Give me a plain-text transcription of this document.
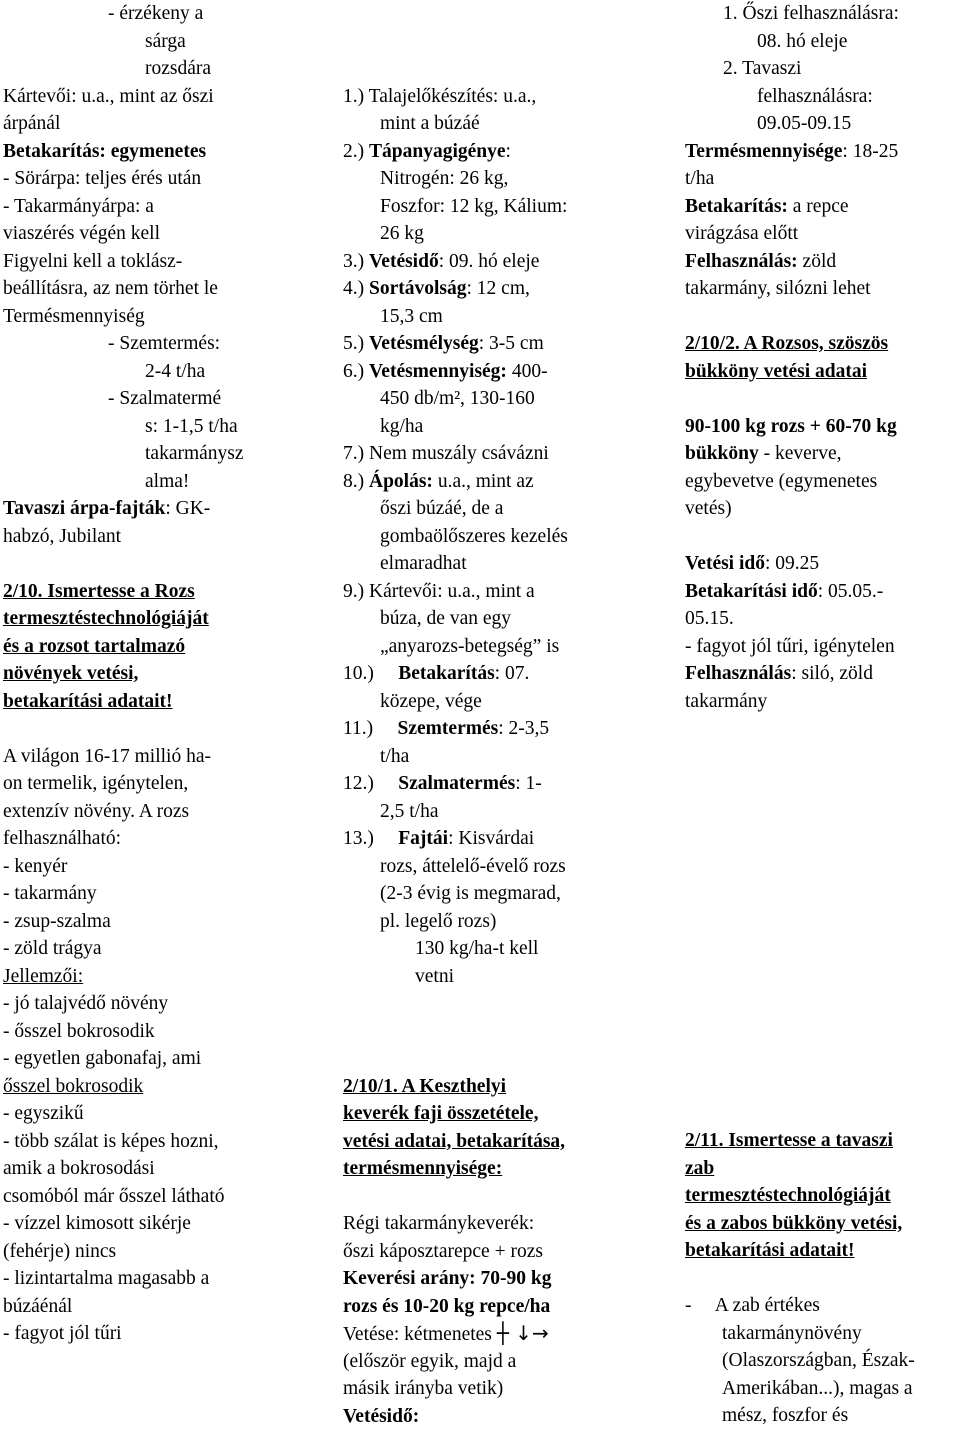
- érzékeny a
sárga
rozsdára
Kártevői: u.a., mint az őszi
árpánál
Betakarítás: egymenetes
- Sörárpa: teljes érés után
- Takarmányárpa: a
viaszérés végén kell
Figyelni kell a toklász-
beállításra, az nem törhet le
Termésmennyiség
- Szemtermés:
2-4 t/ha
- Szalmatermé
s: 1-1,5 t/ha
takarmánysz
alma!
Tavaszi árpa-fajták: GK-
habzó, Jubilant
2/10. Ismertesse a Rozs
termesztéstechnológiáját
és a rozsot tartalmazó
növények vetési,
betakarítási adatait!
A világon 16-17 millió ha-
on termelik, igénytelen,
extenzív növény. A rozs
felhasználható:
- kenyér
- takarmány
- zsup-szalma
- zöld trágya
Jellemzői:
- jó talajvédő növény
- ősszel bokrosodik
- egyetlen gabonafaj, ami
ősszel bokrosodik
- egyszikű
- több szálat is képes hozni,
amik a bokrosodási
csomóból már ősszel látható
- vízzel kimosott sikérje
(fehérje) nincs
- lizintartalma magasabb a
búzáénál
- fagyot jól tűri
1.) Talajelőkészítés: u.a.,
mint a búzáé
2.) Tápanyagigénye:
Nitrogén: 26 kg,
Foszfor: 12 kg, Kálium:
26 kg
3.) Vetésidő: 09. hó eleje
4.) Sortávolság: 12 cm,
15,3 cm
5.) Vetésmélység: 3-5 cm
6.) Vetésmennyiség: 400-
450 db/m², 130-160
kg/ha
7.) Nem muszály csávázni
8.) Ápolás: u.a., mint az
őszi búzáé, de a
gombaölőszeres kezelés
elmaradhat
9.) Kártevői: u.a., mint a
búza, de van egy
„anyarozs-betegség” is
10.) Betakarítás: 07.
közepe, vége
11.) Szemtermés: 2-3,5
t/ha
12.) Szalmatermés: 1-
2,5 t/ha
13.) Fajtái: Kisvárdai
rozs, áttelelő-évelő rozs
(2-3 évig is megmarad,
pl. legelő rozs)
130 kg/ha-t kell
vetni
2/10/1. A Keszthelyi
keverék faji összetétele,
vetési adatai, betakarítása,
termésmennyisége:
Régi takarmánykeverék:
őszi káposztarepce + rozs
Keverési arány: 70-90 kg
rozs és 10-20 kg repce/ha
Vetése: kétmenetes ┼ ↓→
(először egyik, majd a
másik irányba vetik)
Vetésidő:
1. Őszi felhasználásra:
08. hó eleje
2. Tavaszi
felhasználásra:
09.05-09.15
Termésmennyisége: 18-25
t/ha
Betakarítás: a repce
virágzása előtt
Felhasználás: zöld
takarmány, silózni lehet
2/10/2. A Rozsos, szöszös
bükköny vetési adatai
90-100 kg rozs + 60-70 kg
bükköny - keverve,
egybevetve (egymenetes
vetés)
Vetési idő: 09.25
Betakarítási idő: 05.05.-
05.15.
- fagyot jól tűri, igénytelen
Felhasználás: siló, zöld
takarmány
2/11. Ismertesse a tavaszi
zab
termesztéstechnológiáját
és a zabos bükköny vetési,
betakarítási adatait!
-     A zab értékes
takarmánynövény
(Olaszországban, Észak-
Amerikában...), magas a
mész, foszfor és
